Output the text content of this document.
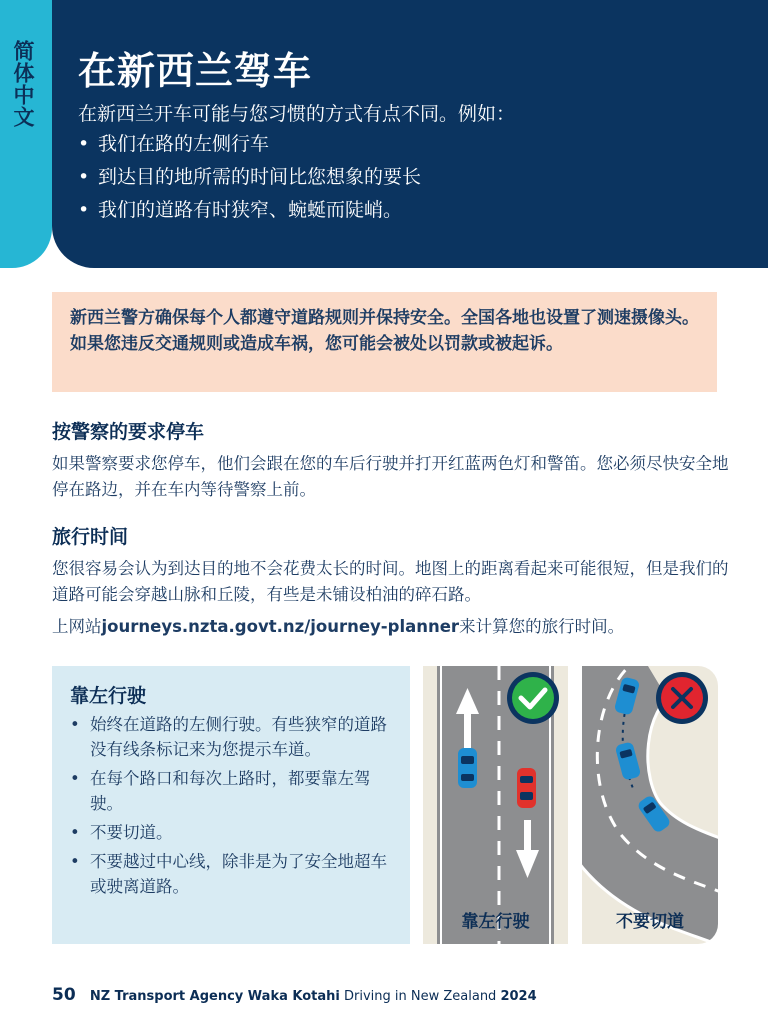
简体中文 在新西兰驾车
在新西兰开车可能与您习惯的方式有点不同。例如：
• 我们在路的左侧行车
• 到达目的地所需的时间比您想象的要长
• 我们的道路有时狭窄、蜿蜒而陡峭。

新西兰警方确保每个人都遵守道路规则并保持安全。全国各地也设置了测速摄像头。如果您违反交通规则或造成车祸，您可能会被处以罚款或被起诉。

按警察的要求停车

如果警察要求您停车，他们会跟在您的车后行驶并打开红蓝两色灯和警笛。您必须尽快安全地停在路边，并在车内等待警察上前。

旅行时间

您很容易会认为到达目的地不会花费太长的时间。地图上的距离看起来可能很短，但是我们的道路可能会穿越山脉和丘陵，有些是未铺设柏油的碎石路。

上网站journeys.nzta.govt.nz/journey-planner来计算您的旅行时间。

靠左行驶
• 始终在道路的左侧行驶。有些狭窄的道路没有线条标记来为您提示车道。
• 在每个路口和每次上路时，都要靠左驾驶。
• 不要切道。
• 不要越过中心线，除非是为了安全地超车或驶离道路。
靠左行驶	不要切道
50 NZ Transport Agency Waka Kotahi Driving in New Zealand 2024
